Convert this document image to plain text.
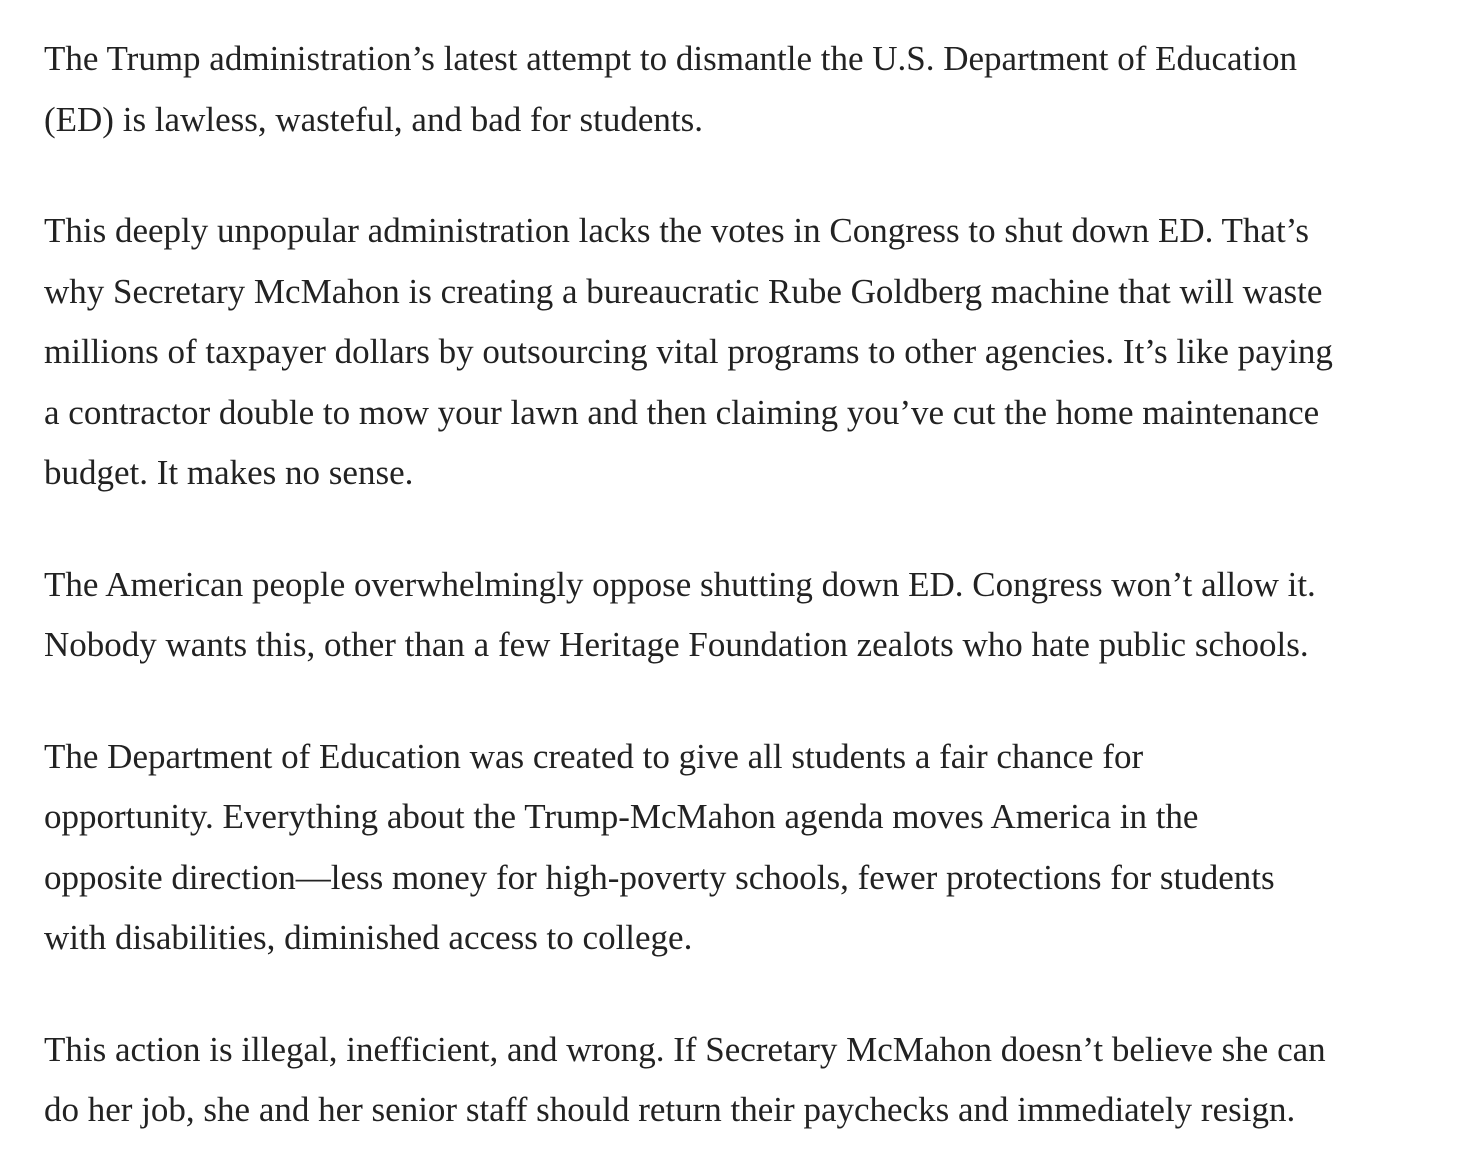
The Trump administration’s latest attempt to dismantle the U.S. Department of Education
(ED) is lawless, wasteful, and bad for students.

This deeply unpopular administration lacks the votes in Congress to shut down ED. That’s
why Secretary McMahon is creating a bureaucratic Rube Goldberg machine that will waste
millions of taxpayer dollars by outsourcing vital programs to other agencies. It’s like paying
a contractor double to mow your lawn and then claiming you’ve cut the home maintenance
budget. It makes no sense.

The American people overwhelmingly oppose shutting down ED. Congress won’t allow it.
Nobody wants this, other than a few Heritage Foundation zealots who hate public schools.

The Department of Education was created to give all students a fair chance for
opportunity. Everything about the Trump-McMahon agenda moves America in the
opposite direction—less money for high-poverty schools, fewer protections for students
with disabilities, diminished access to college.

This action is illegal, inefficient, and wrong. If Secretary McMahon doesn’t believe she can
do her job, she and her senior staff should return their paychecks and immediately resign.
